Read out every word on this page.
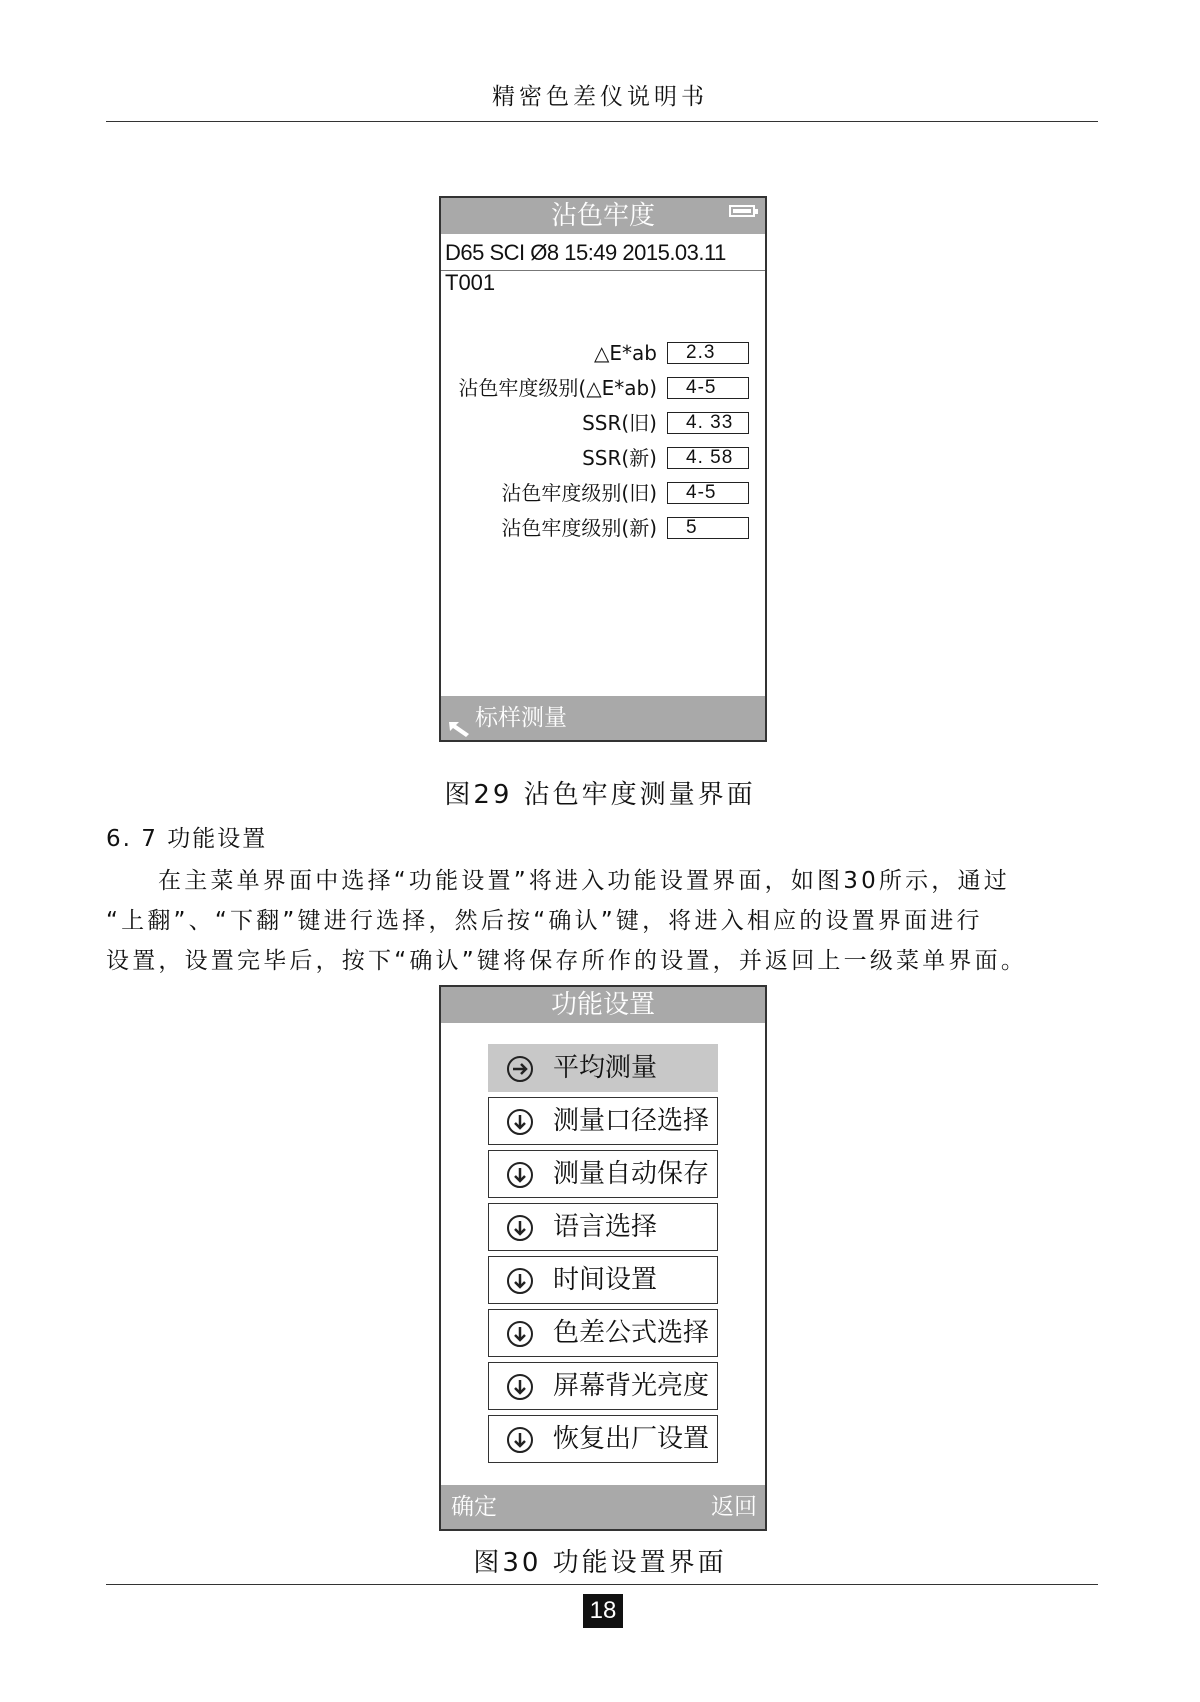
精密色差仪说明书
沾色牢度
D65 SCI Ø8 15:49 2015.03.11
T001
△E*ab	2.3
沾色牢度级别(△E*ab)	4-5
SSR(旧)	4. 33
SSR(新)	4. 58
沾色牢度级别(旧)	4-5
沾色牢度级别(新)	5
标样测量
图29 沾色牢度测量界面
6. 7 功能设置
在主菜单界面中选择“功能设置”将进入功能设置界面，如图30所示，通过
“上翻”、“下翻”键进行选择，然后按“确认”键，将进入相应的设置界面进行
设置，设置完毕后，按下“确认”键将保存所作的设置，并返回上一级菜单界面。
功能设置
平均测量
测量口径选择
测量自动保存
语言选择
时间设置
色差公式选择
屏幕背光亮度
恢复出厂设置
确定	返回
图30 功能设置界面
18
